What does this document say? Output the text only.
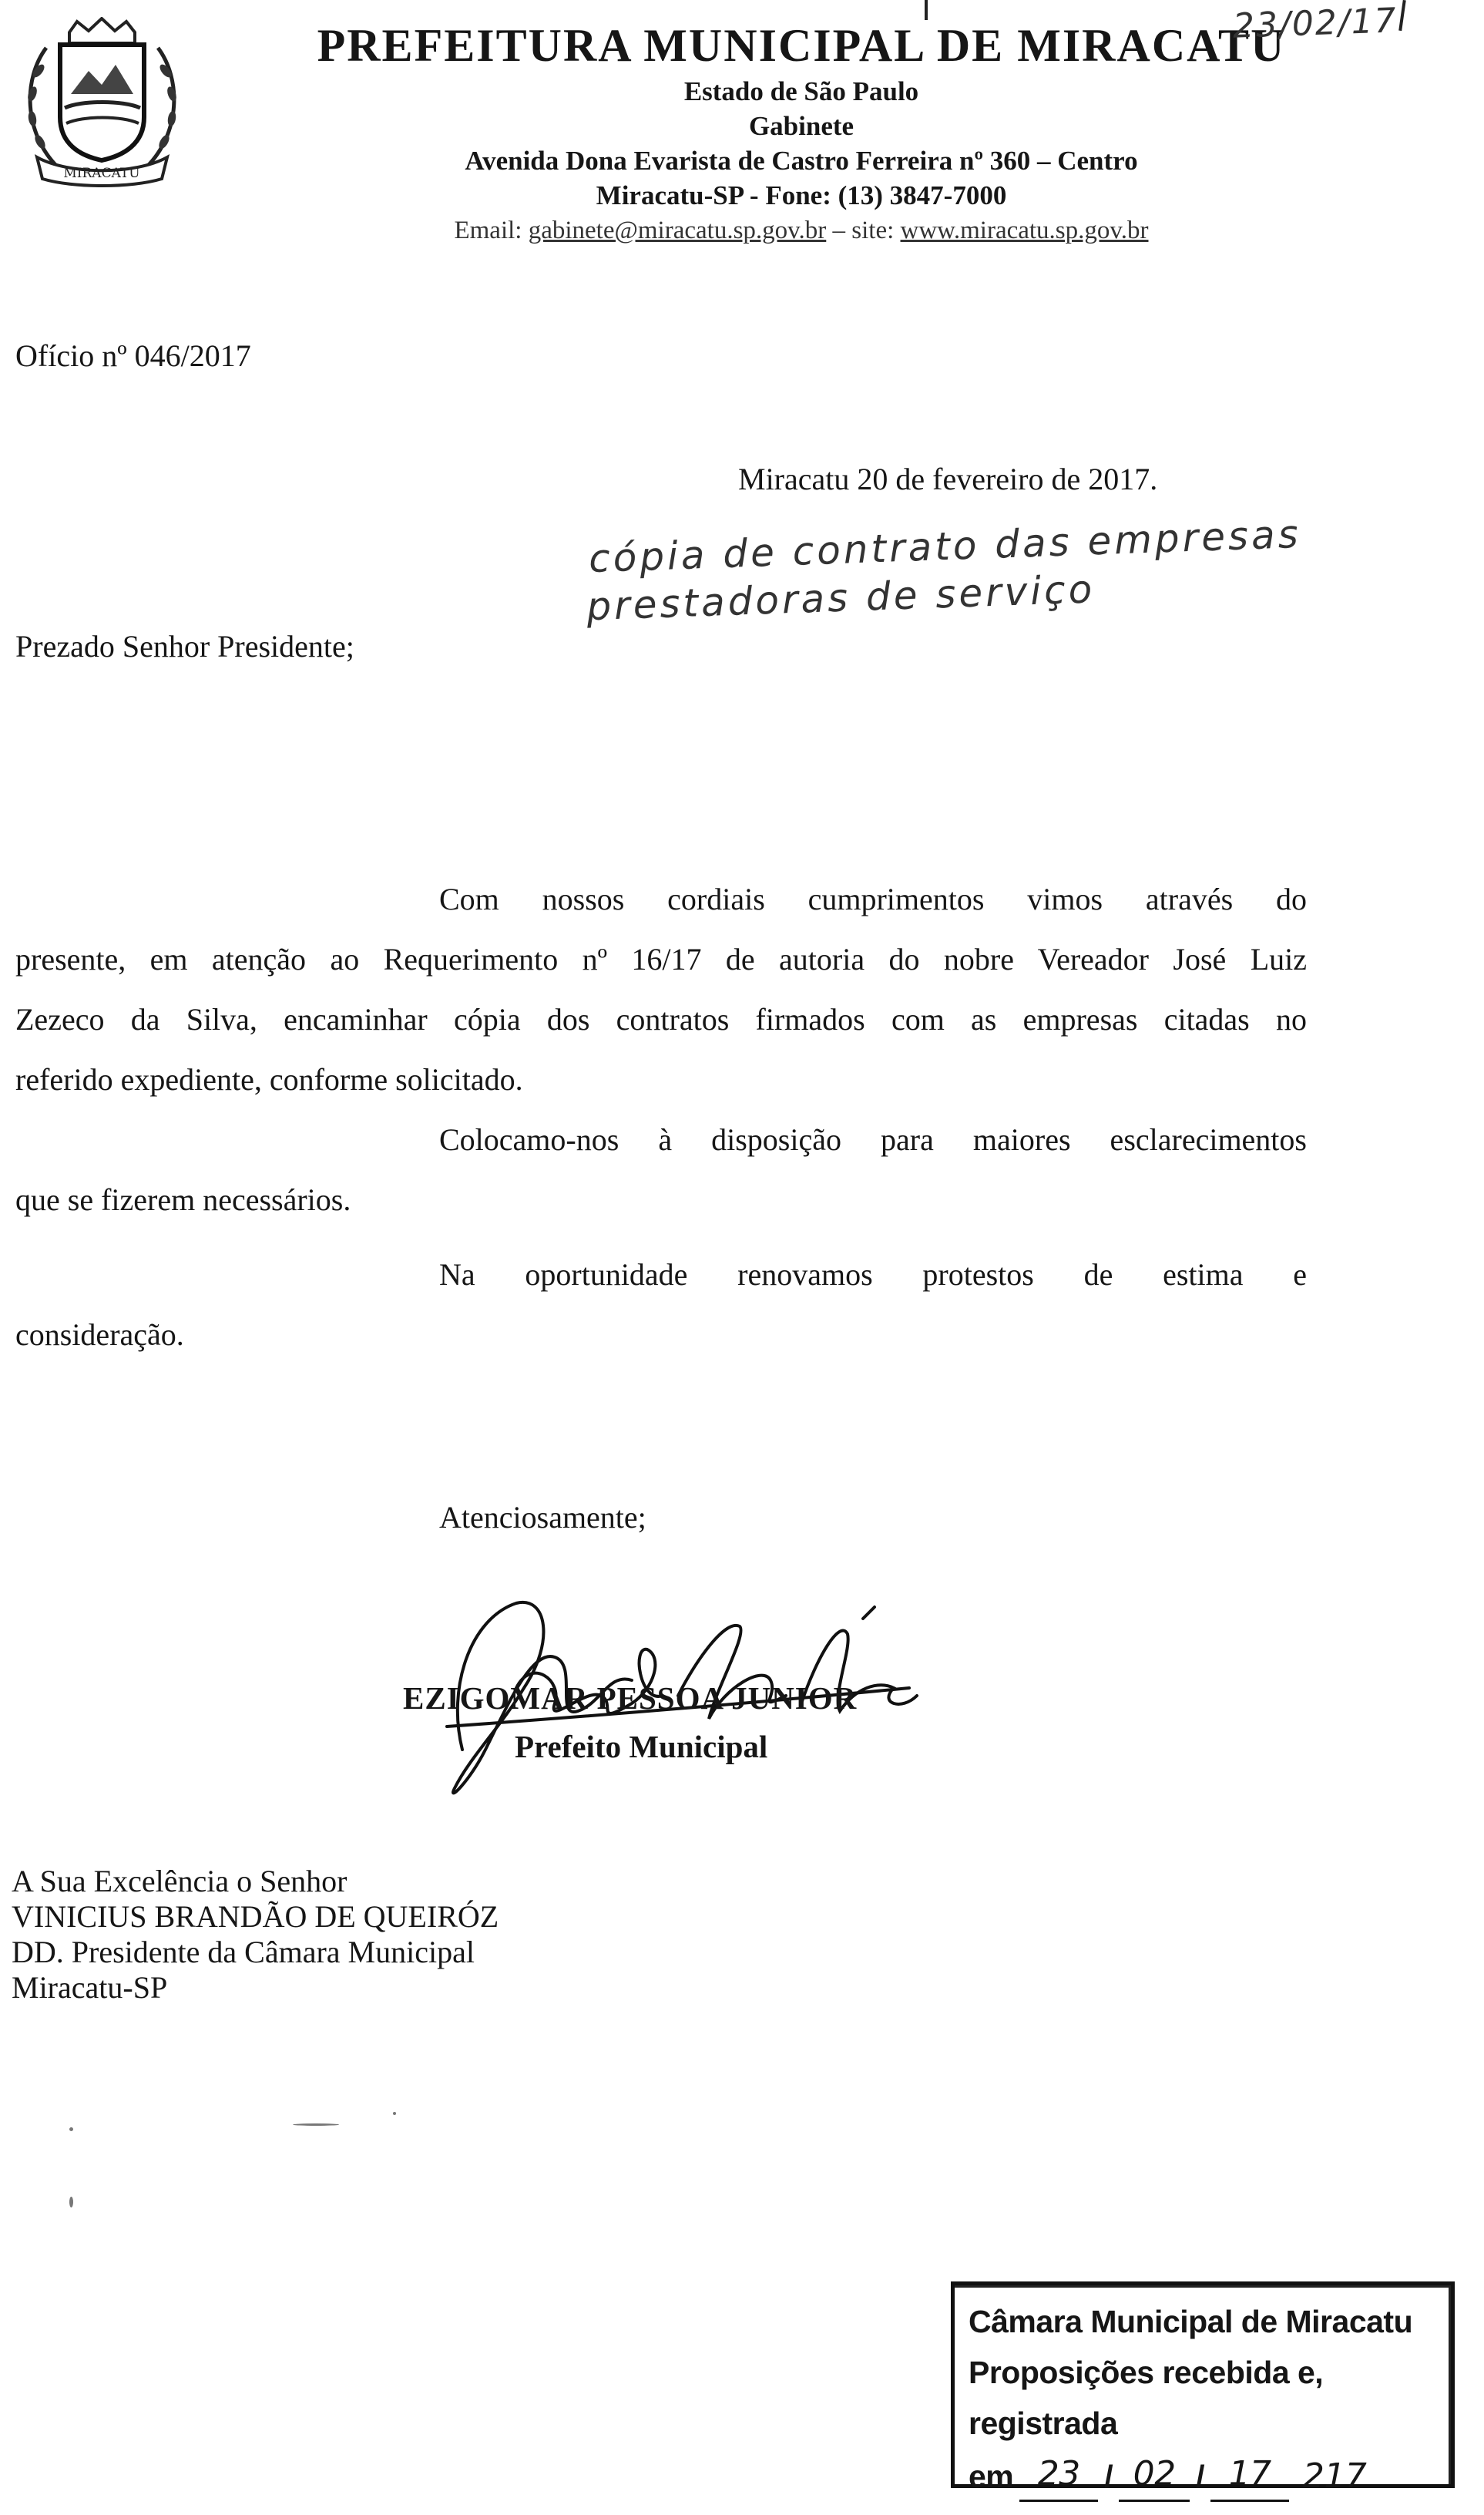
MIRACATU
PREFEITURA MUNICIPAL DE MIRACATU
Estado de São Paulo
Gabinete
Avenida Dona Evarista de Castro Ferreira nº 360 – Centro
Miracatu-SP - Fone: (13) 3847-7000
Email: gabinete@miracatu.sp.gov.br – site: www.miracatu.sp.gov.br
23/02/17
Ofício nº 046/2017
Miracatu 20 de fevereiro de 2017.
cópia de contrato das empresas
prestadoras de serviço
Prezado Senhor Presidente;
Com nossos cordiais cumprimentos vimos através do
presente, em atenção ao Requerimento nº 16/17 de autoria do nobre Vereador José Luiz
Zezeco da Silva, encaminhar cópia dos contratos firmados com as empresas citadas no
referido expediente, conforme solicitado.
Colocamo-nos à disposição para maiores esclarecimentos
que se fizerem necessários.
Na oportunidade renovamos protestos de estima e
consideração.
Atenciosamente;
EZIGOMAR PESSOA JUNIOR
Prefeito Municipal
A Sua Excelência o Senhor
VINICIUS BRANDÃO DE QUEIRÓZ
DD. Presidente da Câmara Municipal
Miracatu-SP
Câmara Municipal de Miracatu
Proposições recebida e, registrada
em 23 / 02 / 17 217
